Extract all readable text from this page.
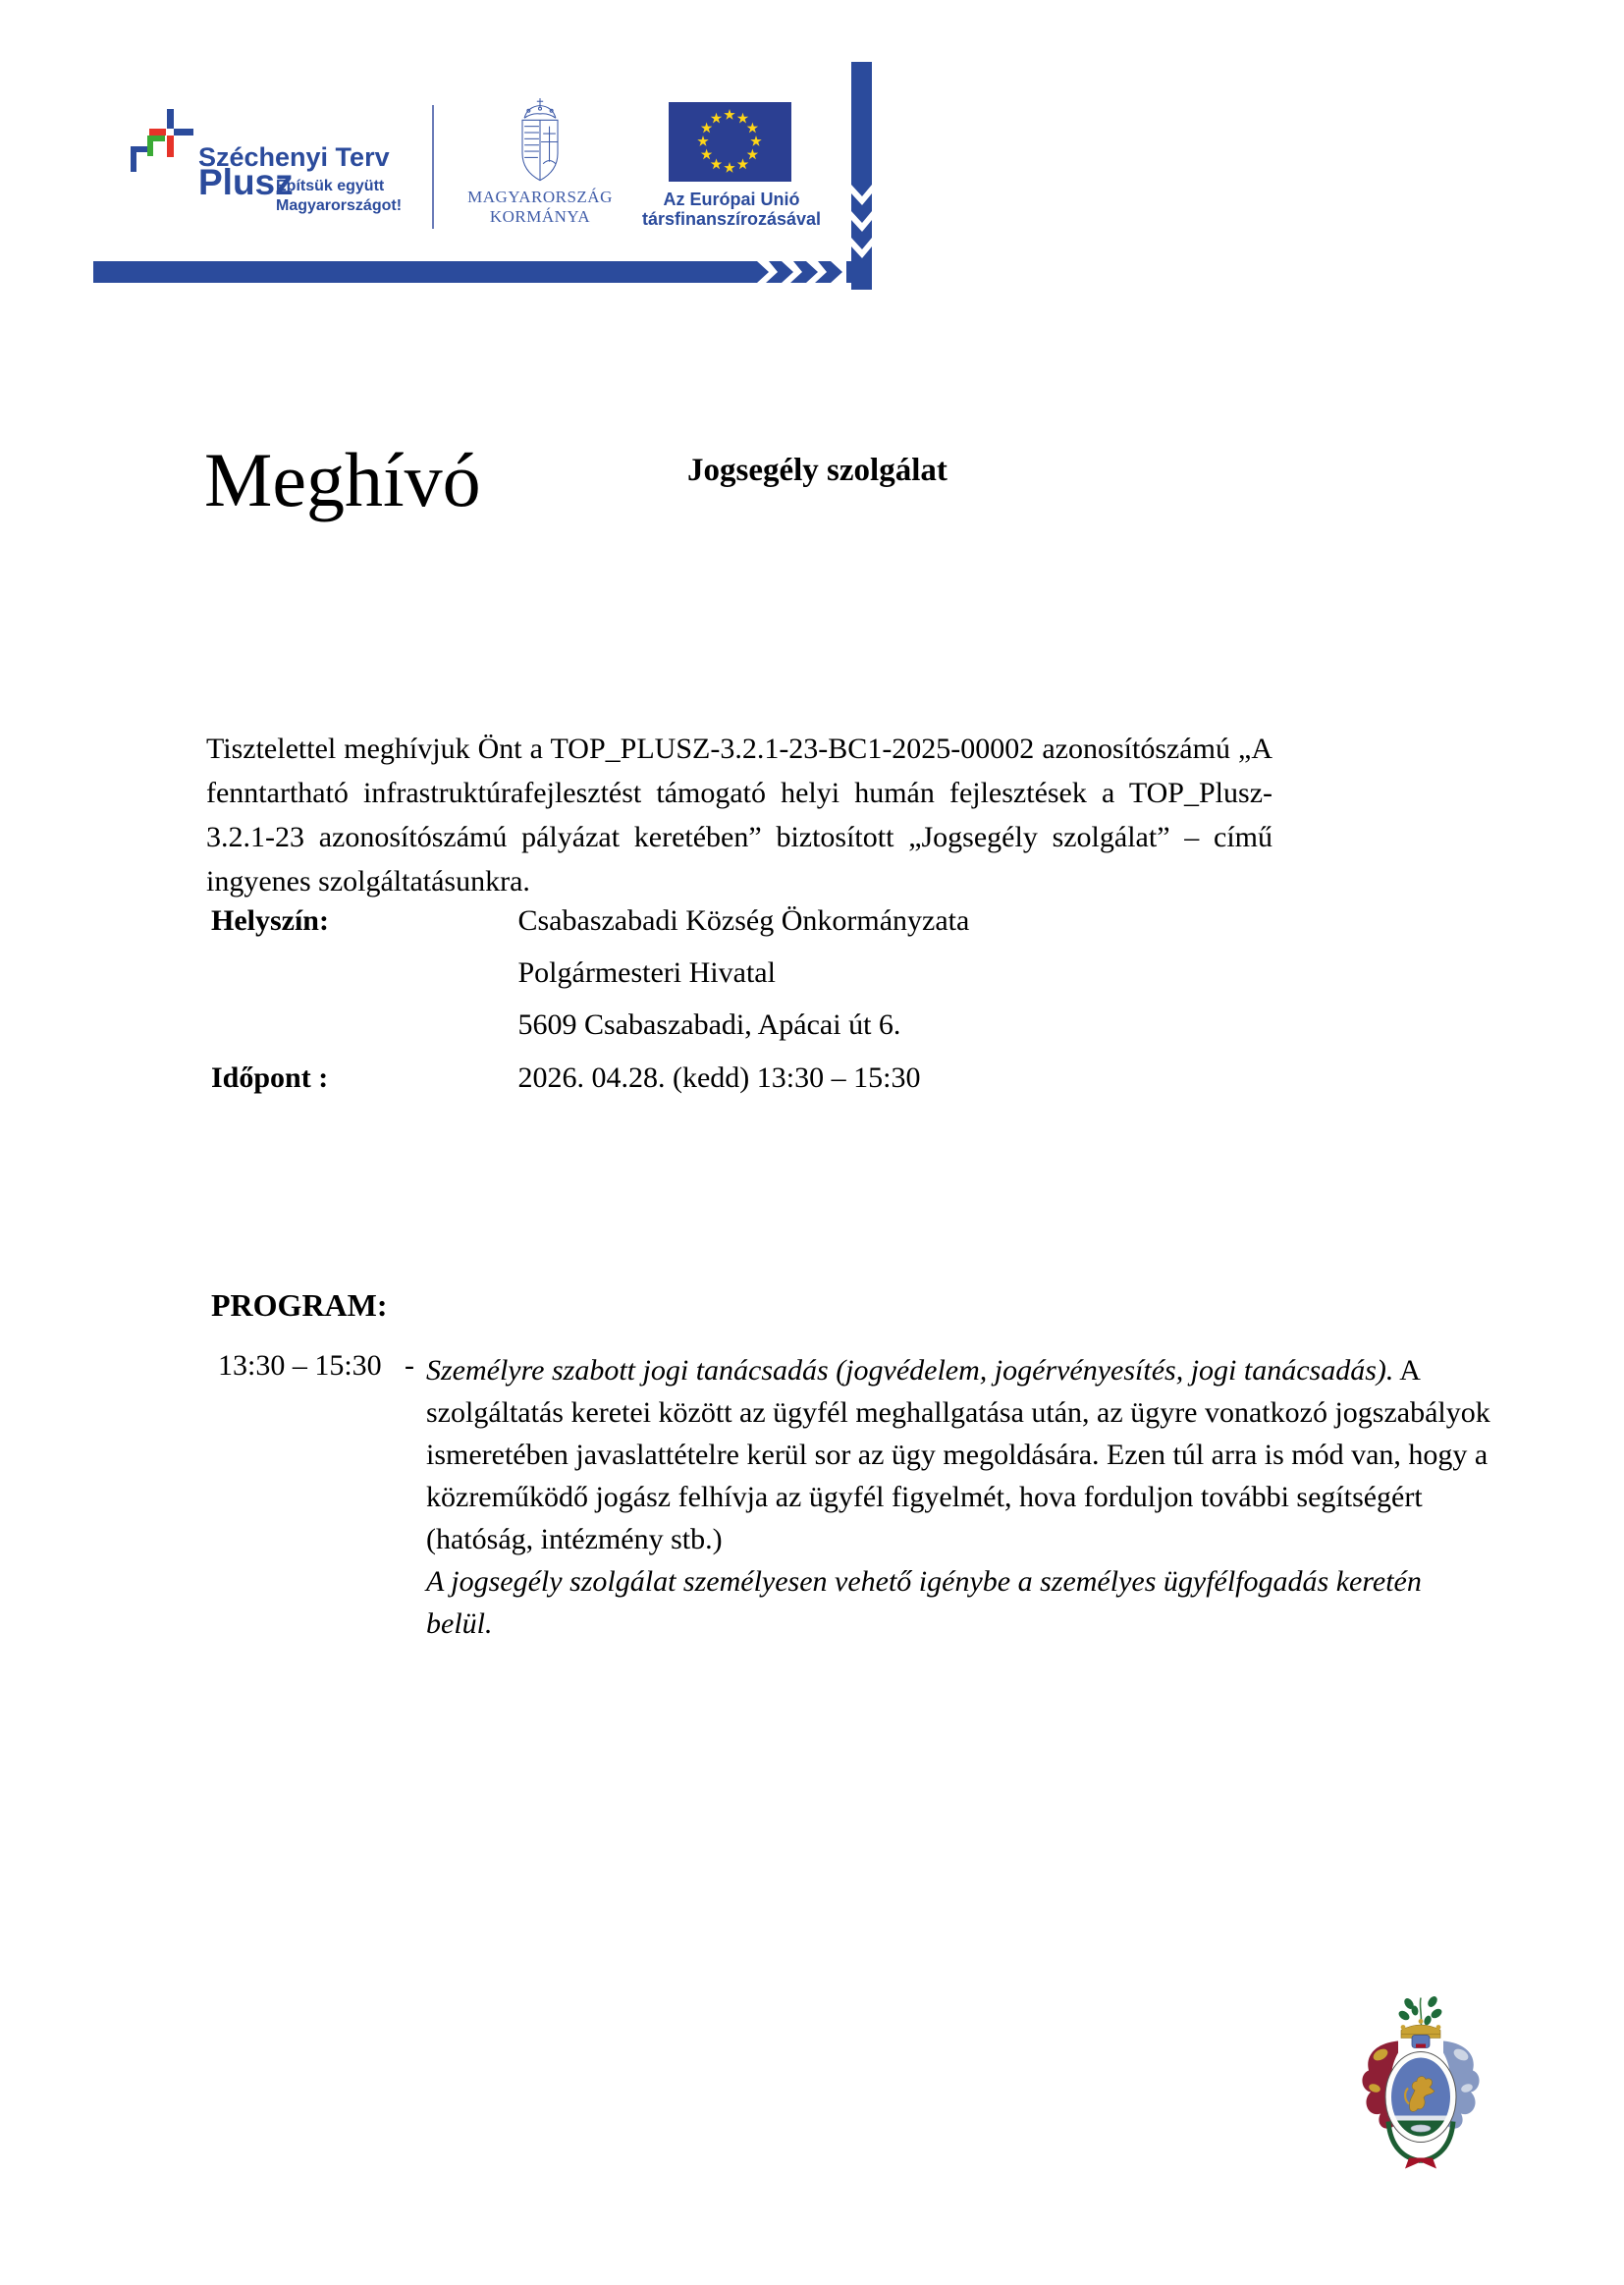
Széchenyi Terv
Plusz
Építsük együtt
Magyarországot!	MAGYARORSZÁG
KORMÁNYA
Az Európai Unió
társfinanszírozásával
Meghívó	Jogsegély szolgálat
Tisztelettel meghívjuk Önt a TOP_PLUSZ-3.2.1-23-BC1-2025-00002 azonosítószámú „A fenntartható infrastruktúrafejlesztést támogató helyi humán fejlesztések a TOP_Plusz-3.2.1-23 azonosítószámú pályázat keretében” biztosított „Jogsegély szolgálat” – című ingyenes szolgáltatásunkra.
Helyszín:	Csabaszabadi Község Önkormányzata
Polgármesteri Hivatal
5609 Csabaszabadi, Apácai út 6.
Időpont :	2026. 04.28. (kedd) 13:30 – 15:30
PROGRAM:
13:30 – 15:30 - Személyre szabott jogi tanácsadás (jogvédelem, jogérvényesítés, jogi tanácsadás). A szolgáltatás keretei között az ügyfél meghallgatása után, az ügyre vonatkozó jogszabályok ismeretében javaslattételre kerül sor az ügy megoldására. Ezen túl arra is mód van, hogy a közreműködő jogász felhívja az ügyfél figyelmét, hova forduljon további segítségért (hatóság, intézmény stb.)
A jogsegély szolgálat személyesen vehető igénybe a személyes ügyfélfogadás keretén belül.
